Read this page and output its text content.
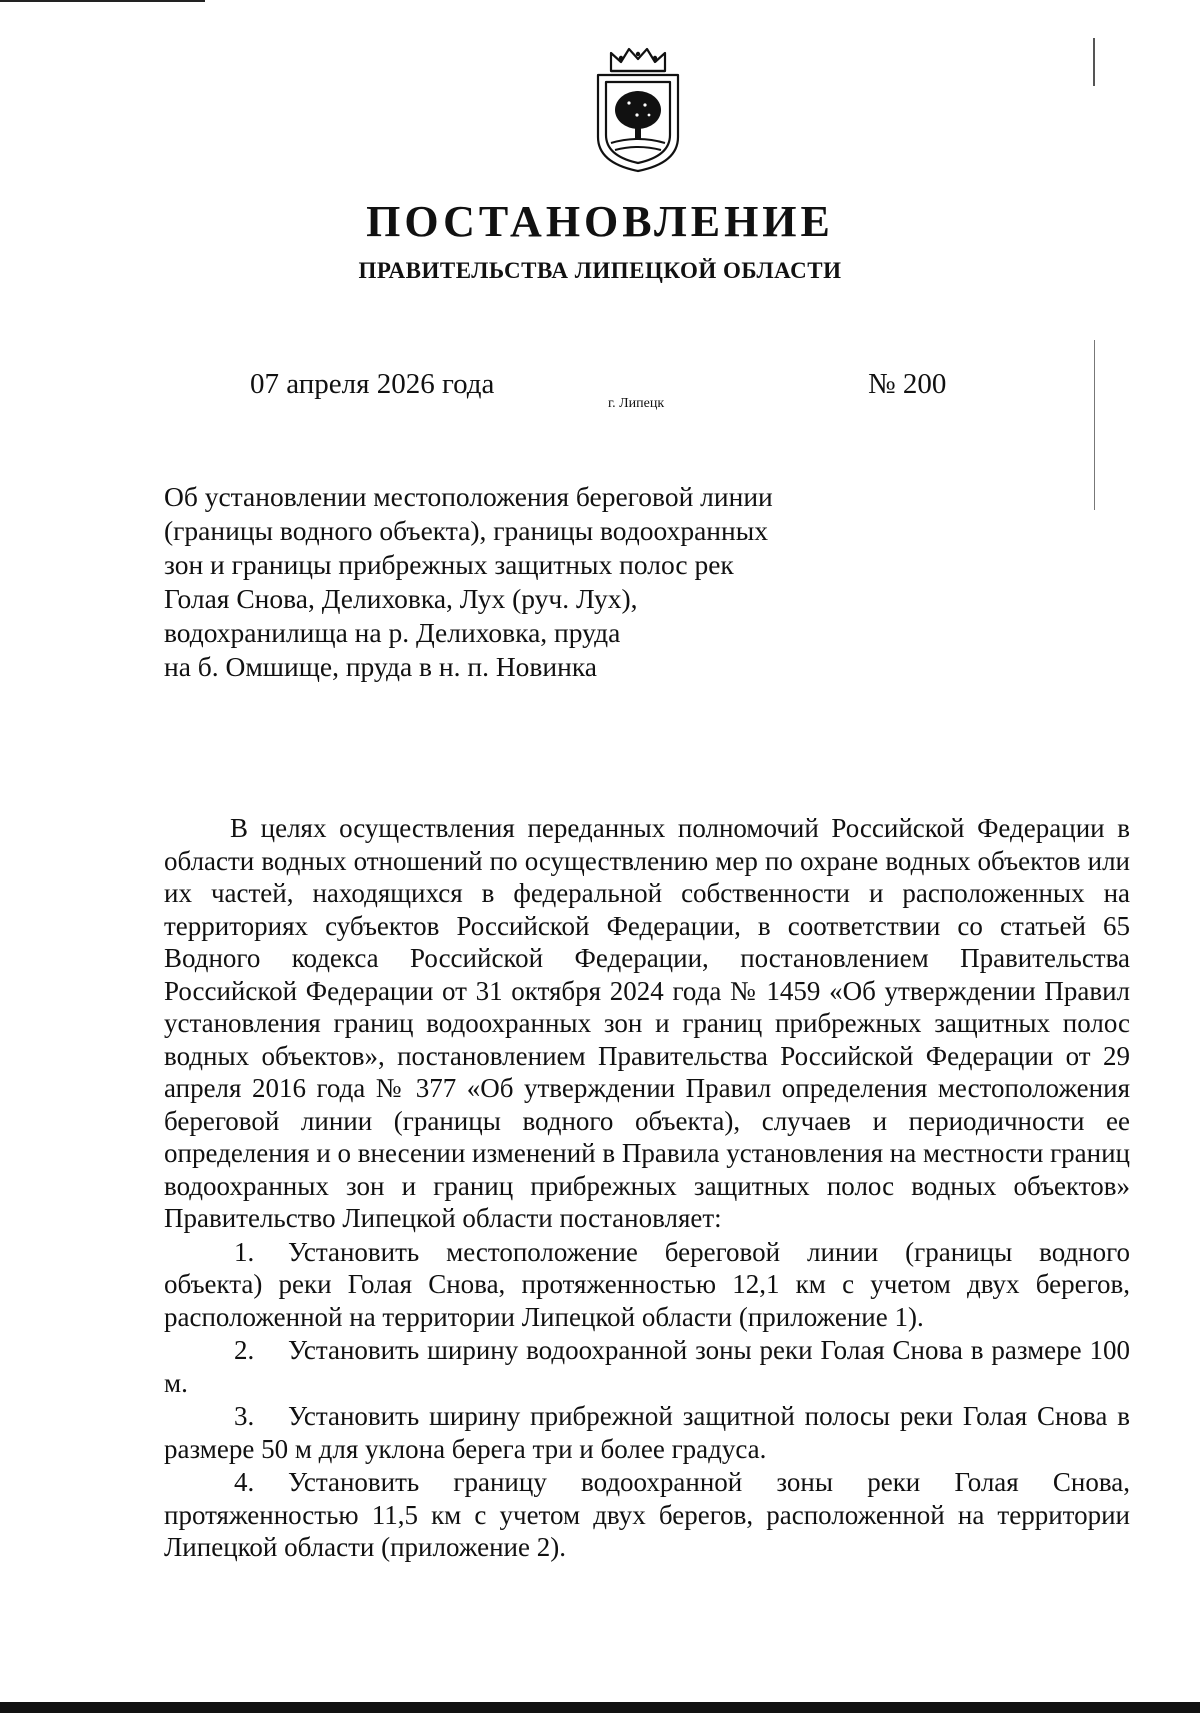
ПОСТАНОВЛЕНИЕ
ПРАВИТЕЛЬСТВА ЛИПЕЦКОЙ ОБЛАСТИ
07 апреля 2026 года
г. Липецк
№ 200
Об установлении местоположения береговой линии
(границы водного объекта), границы водоохранных
зон и границы прибрежных защитных полос рек
Голая Снова, Делиховка, Лух (руч. Лух),
водохранилища на р. Делиховка, пруда
на б. Омшище, пруда в н. п. Новинка

В целях осуществления переданных полномочий Российской Федерации в области водных отношений по осуществлению мер по охране водных объектов или их частей, находящихся в федеральной собственности и расположенных на территориях субъектов Российской Федерации, в соответствии со статьей 65 Водного кодекса Российской Федерации, постановлением Правительства Российской Федерации от 31 октября 2024 года № 1459 «Об утверждении Правил установления границ водоохранных зон и границ прибрежных защитных полос водных объектов», постановлением Правительства Российской Федерации от 29 апреля 2016 года № 377 «Об утверждении Правил определения местоположения береговой линии (границы водного объекта), случаев и периодичности ее определения и о внесении изменений в Правила установления на местности границ водоохранных зон и границ прибрежных защитных полос водных объектов» Правительство Липецкой области постановляет:

1. Установить местоположение береговой линии (границы водного объекта) реки Голая Снова, протяженностью 12,1 км с учетом двух берегов, расположенной на территории Липецкой области (приложение 1).

2. Установить ширину водоохранной зоны реки Голая Снова в размере 100 м.

3. Установить ширину прибрежной защитной полосы реки Голая Снова в размере 50 м для уклона берега три и более градуса.

4. Установить границу водоохранной зоны реки Голая Снова, протяженностью 11,5 км с учетом двух берегов, расположенной на территории Липецкой области (приложение 2).
